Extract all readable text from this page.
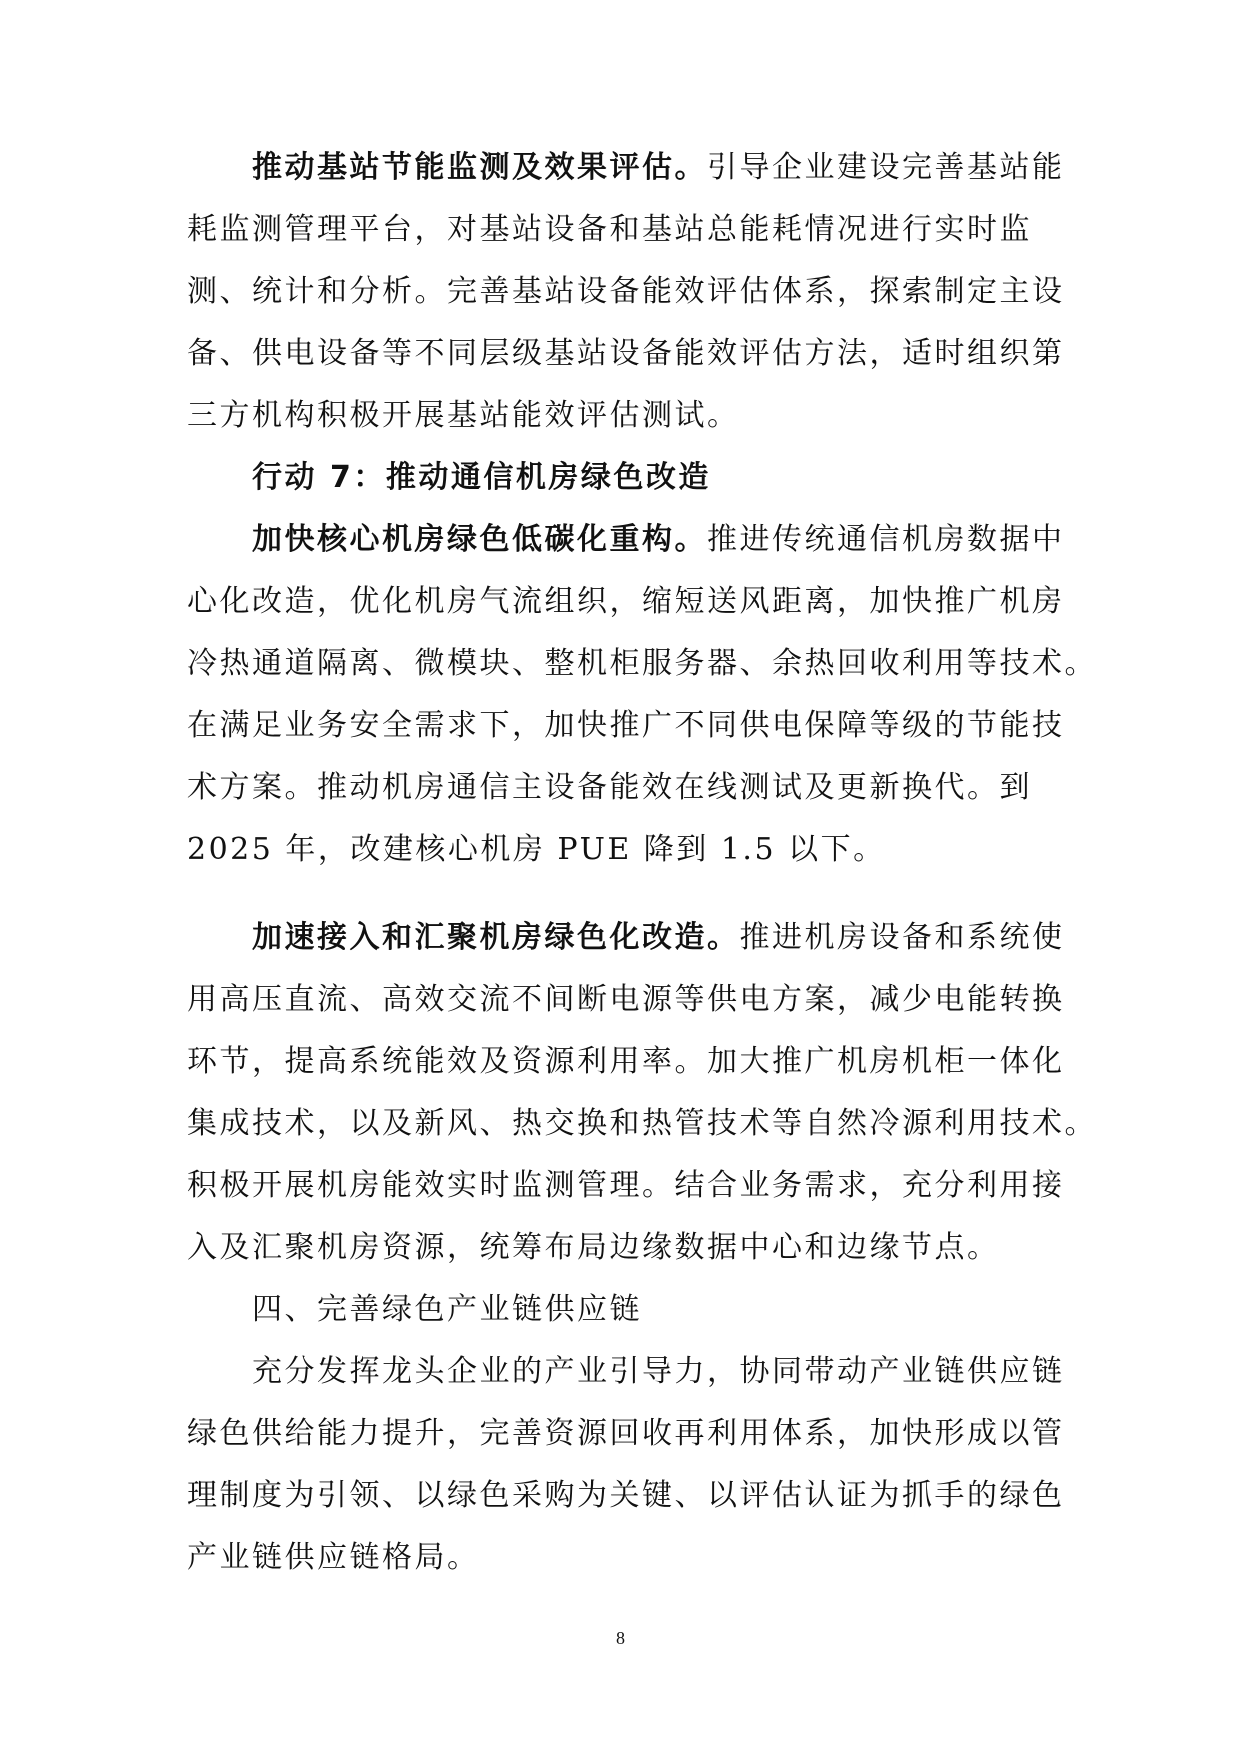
推动基站节能监测及效果评估。引导企业建设完善基站能
耗监测管理平台，对基站设备和基站总能耗情况进行实时监
测、统计和分析。完善基站设备能效评估体系，探索制定主设
备、供电设备等不同层级基站设备能效评估方法，适时组织第
三方机构积极开展基站能效评估测试。
行动 7：推动通信机房绿色改造
加快核心机房绿色低碳化重构。推进传统通信机房数据中
心化改造，优化机房气流组织，缩短送风距离，加快推广机房
冷热通道隔离、微模块、整机柜服务器、余热回收利用等技术。
在满足业务安全需求下，加快推广不同供电保障等级的节能技
术方案。推动机房通信主设备能效在线测试及更新换代。到
2025 年，改建核心机房 PUE 降到 1.5 以下。
加速接入和汇聚机房绿色化改造。推进机房设备和系统使
用高压直流、高效交流不间断电源等供电方案，减少电能转换
环节，提高系统能效及资源利用率。加大推广机房机柜一体化
集成技术，以及新风、热交换和热管技术等自然冷源利用技术。
积极开展机房能效实时监测管理。结合业务需求，充分利用接
入及汇聚机房资源，统筹布局边缘数据中心和边缘节点。
四、完善绿色产业链供应链
充分发挥龙头企业的产业引导力，协同带动产业链供应链
绿色供给能力提升，完善资源回收再利用体系，加快形成以管
理制度为引领、以绿色采购为关键、以评估认证为抓手的绿色
产业链供应链格局。
8
